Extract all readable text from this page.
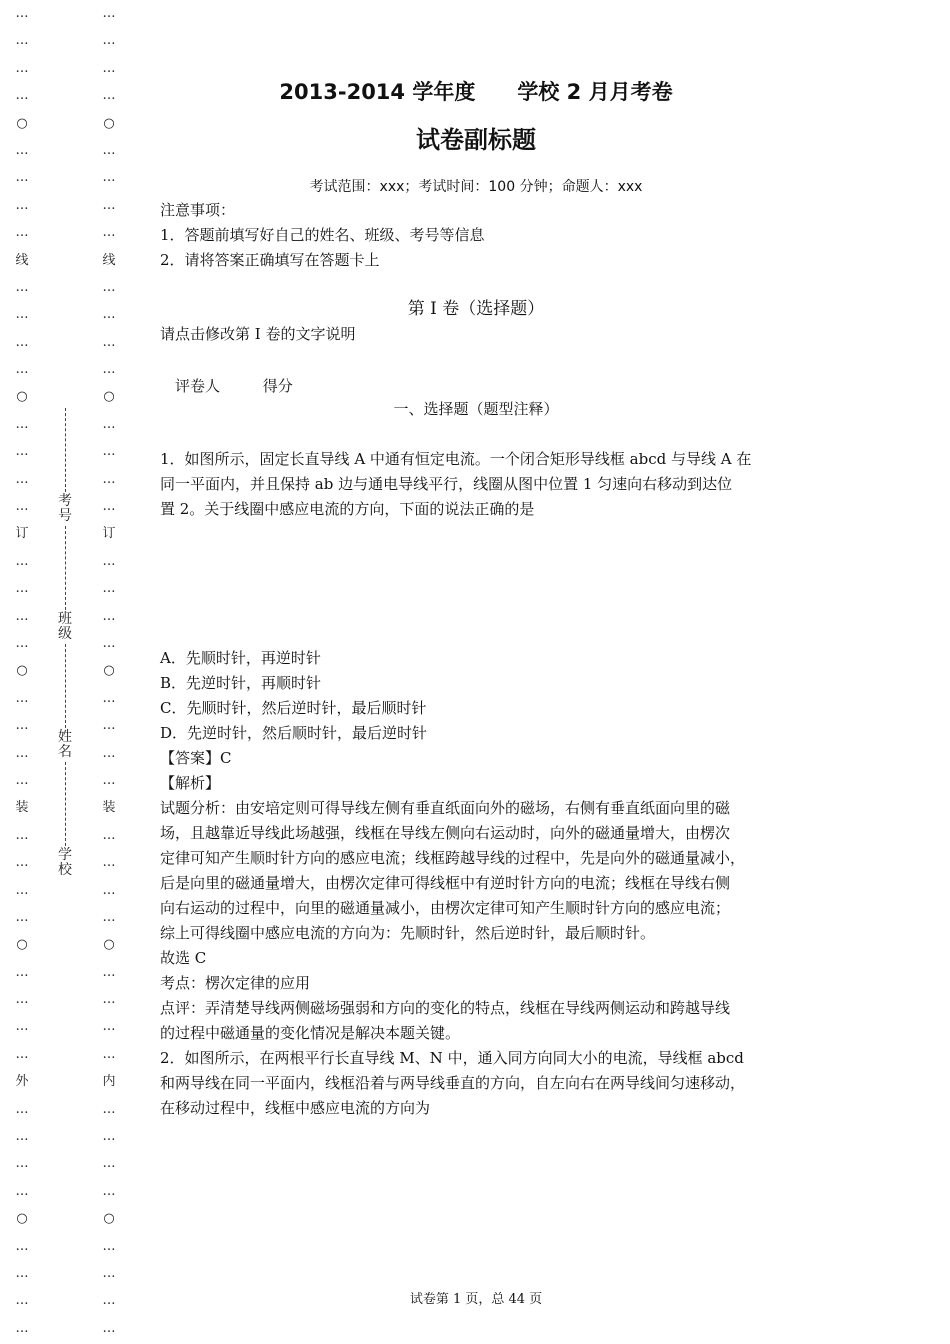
…
…
…
…
○
…
…
…
…
线
…
…
…
…
○
…
…
…
…
订
…
…
…
…
○
…
…
…
…
装
…
…
…
…
○
…
…
…
…
外
…
…
…
…
○
…
…
…
…
…
…
…
…
○
…
…
…
…
线
…
…
…
…
○
…
…
…
…
订
…
…
…
…
○
…
…
…
…
装
…
…
…
…
○
…
…
…
…
内
…
…
…
…
○
…
…
…
…
考号
班级
姓名
学校
2013-2014 学年度　　学校 2 月月考卷
试卷副标题
考试范围：xxx；考试时间：100 分钟；命题人：xxx
注意事项：
1．答题前填写好自己的姓名、班级、考号等信息
2．请将答案正确填写在答题卡上
第 I 卷（选择题）
请点击修改第 I 卷的文字说明
评卷人	得分
一、选择题（题型注释）
1．如图所示，固定长直导线 A 中通有恒定电流。一个闭合矩形导线框 abcd 与导线 A 在
同一平面内，并且保持 ab 边与通电导线平行，线圈从图中位置 1 匀速向右移动到达位
置 2。关于线圈中感应电流的方向，下面的说法正确的是
A．先顺时针，再逆时针
B．先逆时针，再顺时针
C．先顺时针，然后逆时针，最后顺时针
D．先逆时针，然后顺时针，最后逆时针
【答案】C
【解析】
试题分析：由安培定则可得导线左侧有垂直纸面向外的磁场，右侧有垂直纸面向里的磁
场，且越靠近导线此场越强，线框在导线左侧向右运动时，向外的磁通量增大，由楞次
定律可知产生顺时针方向的感应电流；线框跨越导线的过程中，先是向外的磁通量减小，
后是向里的磁通量增大，由楞次定律可得线框中有逆时针方向的电流；线框在导线右侧
向右运动的过程中，向里的磁通量减小，由楞次定律可知产生顺时针方向的感应电流；
综上可得线圈中感应电流的方向为：先顺时针，然后逆时针，最后顺时针。
故选 C
考点：楞次定律的应用
点评：弄清楚导线两侧磁场强弱和方向的变化的特点，线框在导线两侧运动和跨越导线
的过程中磁通量的变化情况是解决本题关键。
2．如图所示，在两根平行长直导线 M、N 中，通入同方向同大小的电流，导线框 abcd
和两导线在同一平面内，线框沿着与两导线垂直的方向，自左向右在两导线间匀速移动，
在移动过程中，线框中感应电流的方向为
试卷第 1 页，总 44 页
